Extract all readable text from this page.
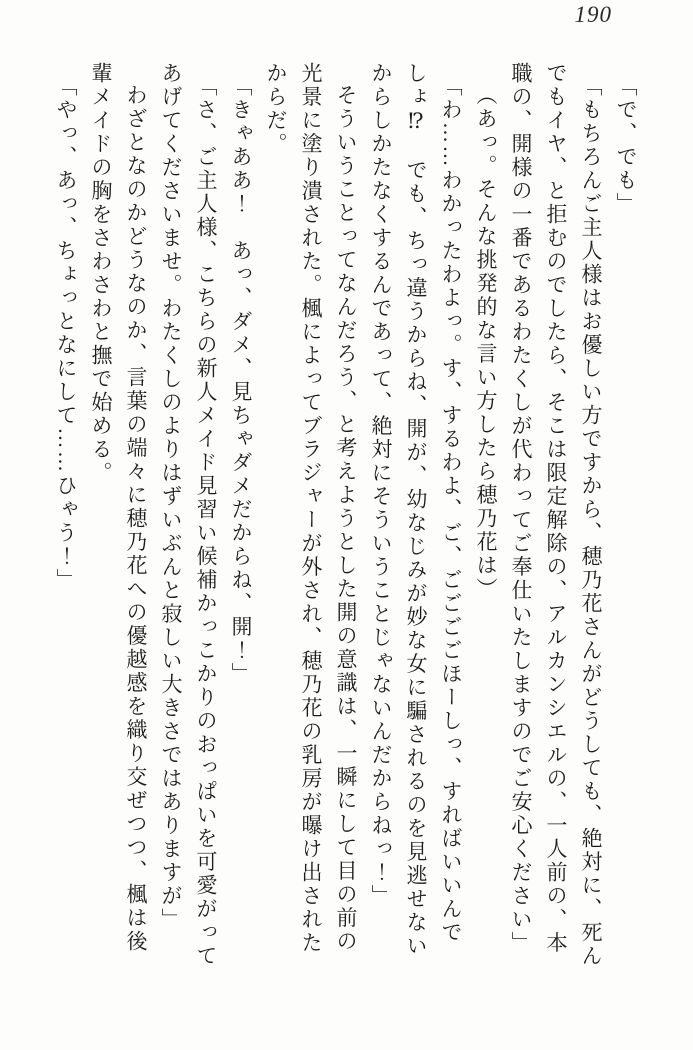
190

「で、でも」

「もちろんご主人様はお優しい方ですから、穂乃花さんがどうしても、絶対に、死ん

でもイヤ、と拒むのでしたら、そこは限定解除の、アルカンシエルの、一人前の、本

職の、開様の一番であるわたくしが代わってご奉仕いたしますのでご安心ください」

（あっ。そんな挑発的な言い方したら穂乃花は）

「わ……わかったわよっ。す、するわよ、ご、ごごごごほーしっ、すればいいんで

しょ⁉　でも、ちっ違うからね、開が、幼なじみが妙な女に騙されるのを見逃せない

からしかたなくするんであって、絶対にそういうことじゃないんだからねっ！」

そういうことってなんだろう、と考えようとした開の意識は、一瞬にして目の前の

光景に塗り潰された。楓によってブラジャーが外され、穂乃花の乳房が曝け出された

からだ。

「きゃああ！　あっ、ダメ、見ちゃダメだからね、開！」

「さ、ご主人様、こちらの新人メイド見習い候補かっこかりのおっぱいを可愛がって

あげてくださいませ。わたくしのよりはずいぶんと寂しい大きさではありますが」

わざとなのかどうなのか、言葉の端々に穂乃花への優越感を織り交ぜつつ、楓は後

輩メイドの胸をさわさわと撫で始める。

「やっ、あっ、ちょっとなにして……ひゃう！」
